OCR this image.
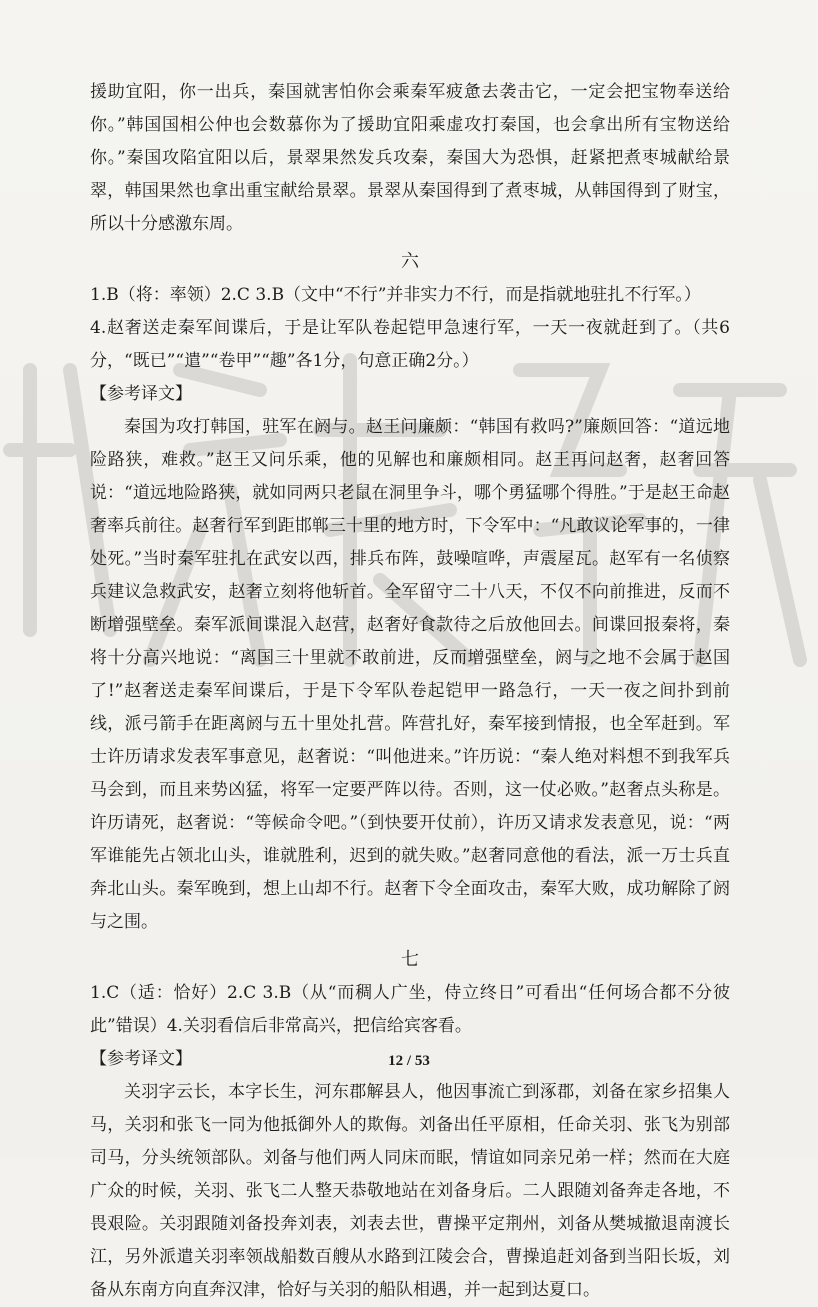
援助宜阳，你一出兵，秦国就害怕你会乘秦军疲惫去袭击它，一定会把宝物奉送给你。”韩国国相公仲也会数慕你为了援助宜阳乘虚攻打秦国，也会拿出所有宝物送给你。”秦国攻陷宜阳以后，景翠果然发兵攻秦，秦国大为恐惧，赶紧把煮枣城献给景翠，韩国果然也拿出重宝献给景翠。景翠从秦国得到了煮枣城，从韩国得到了财宝，所以十分感激东周。

六

1.B（将：率领）2.C 3.B（文中“不行”并非实力不行，而是指就地驻扎不行军。）

4.赵奢送走秦军间谍后，于是让军队卷起铠甲急速行军，一天一夜就赶到了。（共6分，“既已”“遣”“卷甲”“趣”各1分，句意正确2分。）

【参考译文】

秦国为攻打韩国，驻军在阏与。赵王问廉颇：“韩国有救吗?”廉颇回答：“道远地险路狭，难救。”赵王又问乐乘，他的见解也和廉颇相同。赵王再问赵奢，赵奢回答说：“道远地险路狭，就如同两只老鼠在洞里争斗，哪个勇猛哪个得胜。”于是赵王命赵奢率兵前往。赵奢行军到距邯郸三十里的地方时，下令军中：“凡敢议论军事的，一律处死。”当时秦军驻扎在武安以西，排兵布阵，鼓噪喧哗，声震屋瓦。赵军有一名侦察兵建议急救武安，赵奢立刻将他斩首。全军留守二十八天，不仅不向前推进，反而不断增强壁垒。秦军派间谍混入赵营，赵奢好食款待之后放他回去。间谍回报秦将，秦将十分高兴地说：“离国三十里就不敢前进，反而增强壁垒，阏与之地不会属于赵国了!”赵奢送走秦军间谍后，于是下令军队卷起铠甲一路急行，一天一夜之间扑到前线，派弓箭手在距离阏与五十里处扎营。阵营扎好，秦军接到情报，也全军赶到。军士许历请求发表军事意见，赵奢说：“叫他进来。”许历说：“秦人绝对料想不到我军兵马会到，而且来势凶猛，将军一定要严阵以待。否则，这一仗必败。”赵奢点头称是。许历请死，赵奢说：“等候命令吧。”（到快要开仗前），许历又请求发表意见，说：“两军谁能先占领北山头，谁就胜利，迟到的就失败。”赵奢同意他的看法，派一万士兵直奔北山头。秦军晚到，想上山却不行。赵奢下令全面攻击，秦军大败，成功解除了阏与之围。

七

1.C（适：恰好）2.C 3.B（从“而稠人广坐，侍立终日”可看出“任何场合都不分彼此”错误）4.关羽看信后非常高兴，把信给宾客看。

【参考译文】

关羽字云长，本字长生，河东郡解县人，他因事流亡到涿郡，刘备在家乡招集人马，关羽和张飞一同为他抵御外人的欺侮。刘备出任平原相，任命关羽、张飞为别部司马，分头统领部队。刘备与他们两人同床而眠，情谊如同亲兄弟一样；然而在大庭广众的时候，关羽、张飞二人整天恭敬地站在刘备身后。二人跟随刘备奔走各地，不畏艰险。关羽跟随刘备投奔刘表，刘表去世，曹操平定荆州，刘备从樊城撤退南渡长江，另外派遣关羽率领战船数百艘从水路到江陵会合，曹操追赶刘备到当阳长坂，刘备从东南方向直奔汉津，恰好与关羽的船队相遇，并一起到达夏口。

12 / 53
